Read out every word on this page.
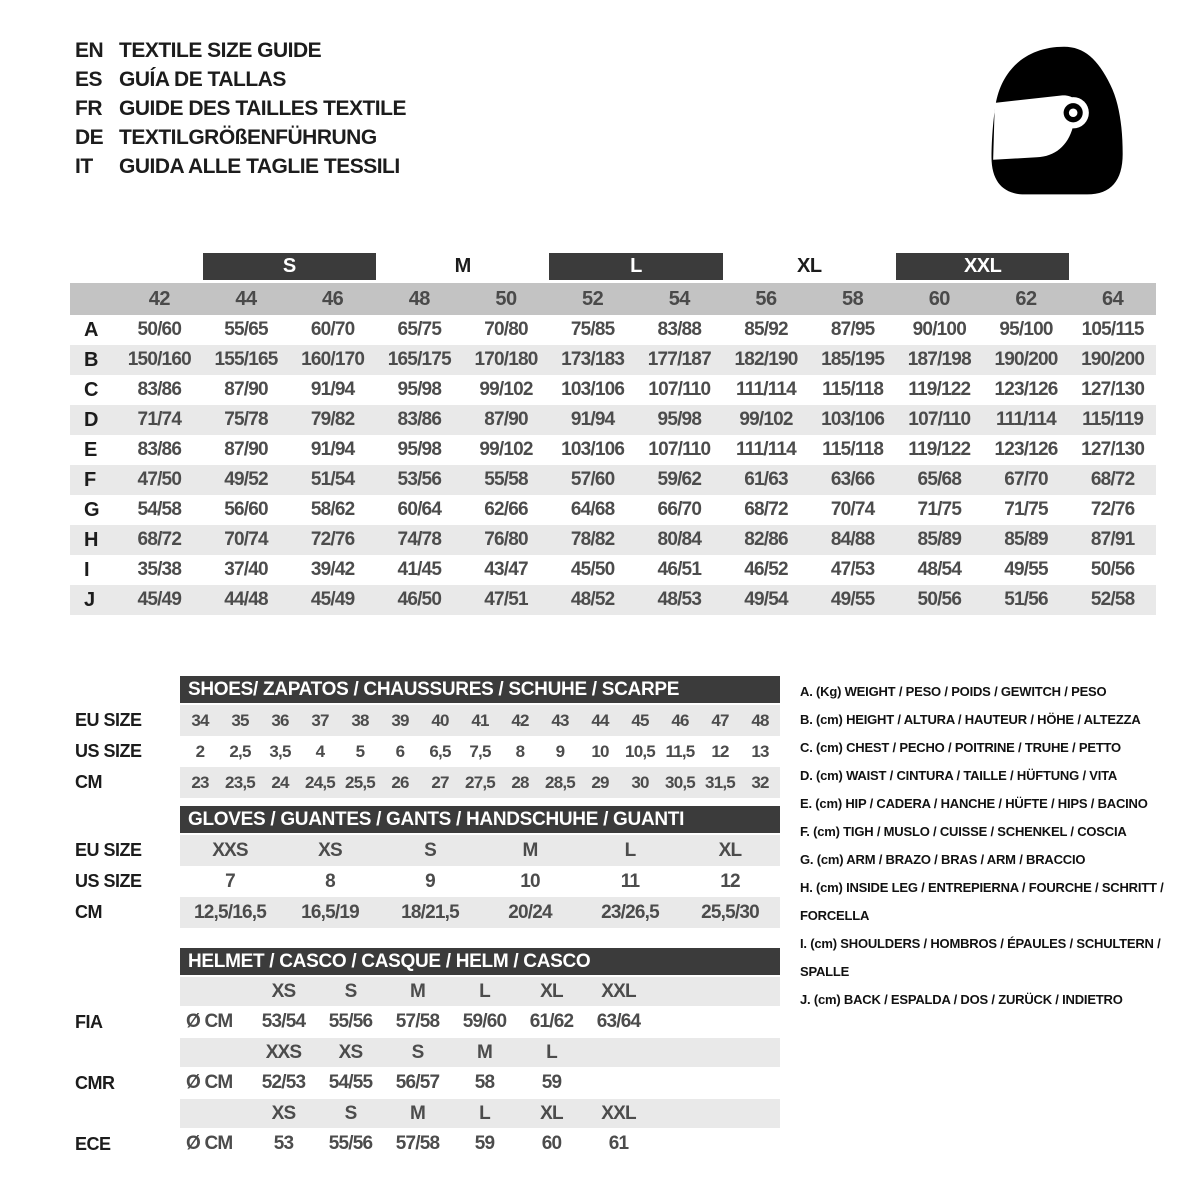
EN TEXTILE SIZE GUIDE
ES GUÍA DE TALLAS
FR GUIDE DES TAILLES TEXTILE
DE TEXTILGRÖßENFÜHRUNG
IT	GUIDA ALLE TAGLIE TESSILI
S	M	L	XL	XXL
42	44	46	48	50	52	54	56	58	60	62	64
A	50/60	55/65	60/70	65/75	70/80	75/85	83/88	85/92	87/95	90/100	95/100	105/115
B	150/160	155/165	160/170	165/175	170/180	173/183	177/187	182/190	185/195	187/198	190/200	190/200
C	83/86	87/90	91/94	95/98	99/102	103/106	107/110	111/114	115/118	119/122	123/126	127/130
D	71/74	75/78	79/82	83/86	87/90	91/94	95/98	99/102	103/106	107/110	111/114	115/119
E	83/86	87/90	91/94	95/98	99/102	103/106	107/110	111/114	115/118	119/122	123/126	127/130
F	47/50	49/52	51/54	53/56	55/58	57/60	59/62	61/63	63/66	65/68	67/70	68/72
G	54/58	56/60	58/62	60/64	62/66	64/68	66/70	68/72	70/74	71/75	71/75	72/76
H	68/72	70/74	72/76	74/78	76/80	78/82	80/84	82/86	84/88	85/89	85/89	87/91
I	35/38	37/40	39/42	41/45	43/47	45/50	46/51	46/52	47/53	48/54	49/55	50/56
J	45/49	44/48	45/49	46/50	47/51	48/52	48/53	49/54	49/55	50/56	51/56	52/58
SHOES/ ZAPATOS / CHAUSSURES / SCHUHE / SCARPE
EU SIZE	34	35	36	37	38	39	40	41	42	43	44	45	46	47	48
US SIZE	2	2,5	3,5	4	5	6	6,5	7,5	8	9	10 10,5 11,5 12	13
CM	23 23,5 24 24,5 25,5 26	27 27,5 28 28,5 29	30 30,5 31,5 32
GLOVES / GUANTES / GANTS / HANDSCHUHE / GUANTI
EU SIZE	XXS	XS	S	M	L	XL
US SIZE	7	8	9	10	11	12
CM	12,5/16,5	16,5/19	18/21,5	20/24	23/26,5	25,5/30
HELMET / CASCO / CASQUE / HELM / CASCO
XS	S	M	L	XL	XXL
FIA	Ø CM	53/54	55/56	57/58	59/60	61/62	63/64
XXS	XS	S	M	L
CMR	Ø CM	52/53	54/55	56/57	58	59
XS	S	M	L	XL	XXL
ECE	Ø CM	53	55/56	57/58	59	60	61
A. (Kg) WEIGHT / PESO / POIDS / GEWITCH / PESO
B. (cm) HEIGHT / ALTURA / HAUTEUR / HÖHE / ALTEZZA
C. (cm) CHEST / PECHO / POITRINE / TRUHE / PETTO
D. (cm) WAIST / CINTURA / TAILLE / HÜFTUNG / VITA
E. (cm) HIP / CADERA / HANCHE / HÜFTE / HIPS / BACINO
F. (cm) TIGH / MUSLO / CUISSE / SCHENKEL / COSCIA
G. (cm) ARM / BRAZO / BRAS / ARM / BRACCIO
H. (cm) INSIDE LEG / ENTREPIERNA / FOURCHE / SCHRITT / FORCELLA
I. (cm) SHOULDERS / HOMBROS / ÉPAULES / SCHULTERN / SPALLE
J. (cm) BACK / ESPALDA / DOS / ZURÜCK / INDIETRO
